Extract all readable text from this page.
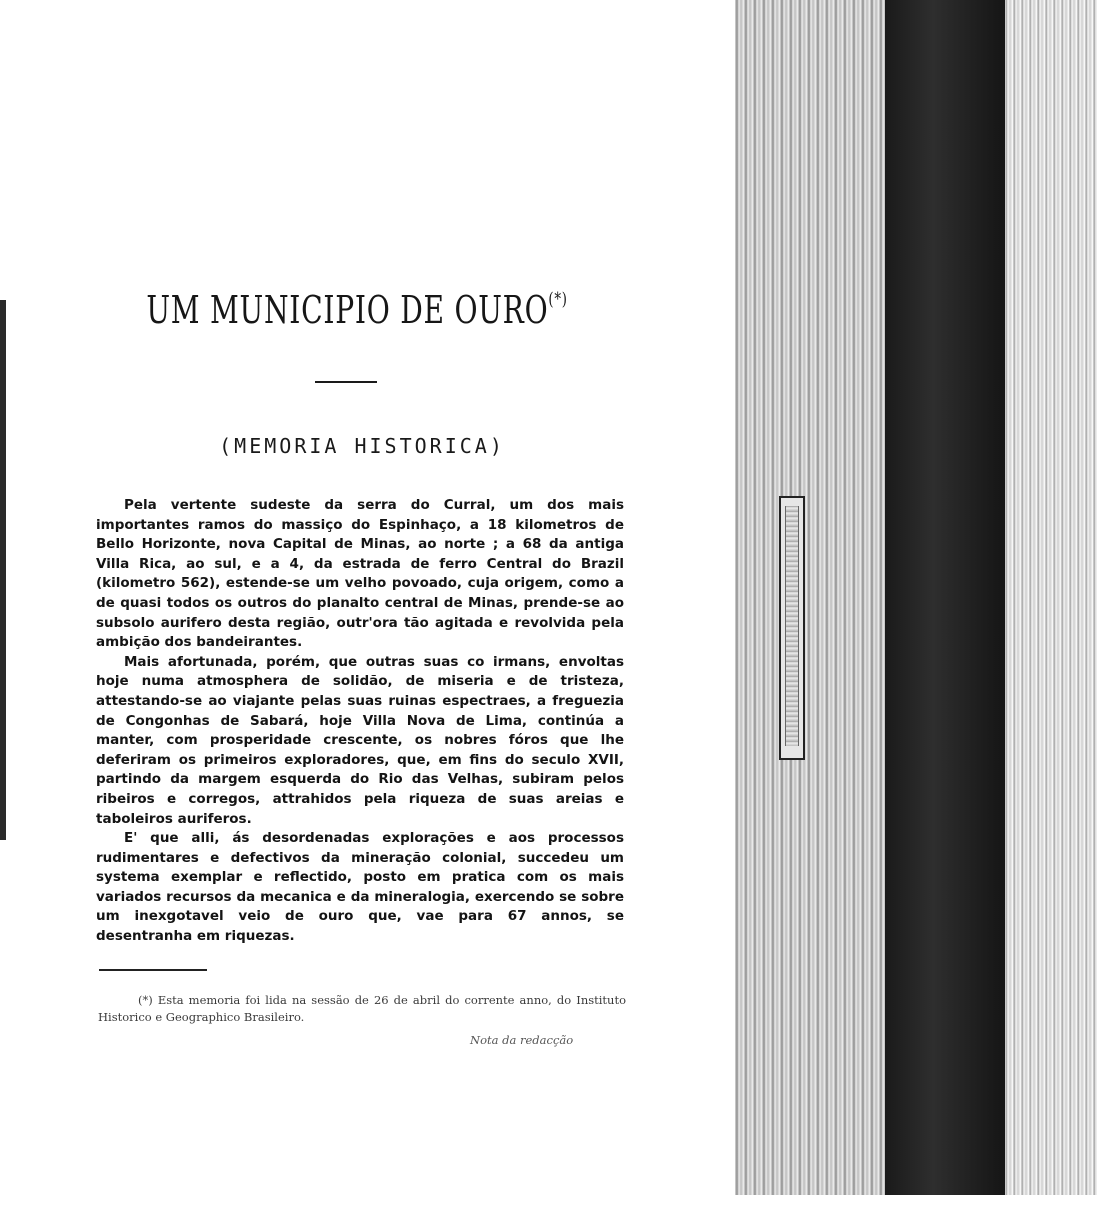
UM MUNICIPIO DE OURO(*)
(MEMORIA HISTORICA)

Pela vertente sudeste da serra do Curral, um dos mais importantes ramos do massiço do Espinhaço, a 18 kilometros de Bello Horizonte, nova Capital de Minas, ao norte ; a 68 da antiga Villa Rica, ao sul, e a 4, da estrada de ferro Central do Brazil (kilometro 562), estende-se um velho povoado, cuja origem, como a de quasi todos os outros do planalto central de Minas, prende-se ao subsolo aurifero desta região, outr'ora tão agitada e revolvida pela ambição dos bandeirantes.

Mais afortunada, porém, que outras suas co irmans, envoltas hoje numa atmosphera de solidão, de miseria e de tristeza, attestando-se ao viajante pelas suas ruinas espectraes, a freguezia de Congonhas de Sabará, hoje Villa Nova de Lima, continúa a manter, com prosperidade crescente, os nobres fóros que lhe deferiram os primeiros exploradores, que, em fins do seculo XVII, partindo da margem esquerda do Rio das Velhas, subiram pelos ribeiros e corregos, attrahidos pela riqueza de suas areias e taboleiros auriferos.

E' que alli, ás desordenadas explorações e aos processos rudimentares e defectivos da mineração colonial, succedeu um systema exemplar e reflectido, posto em pratica com os mais variados recursos da mecanica e da mineralogia, exercendo se sobre um inexgotavel veio de ouro que, vae para 67 annos, se desentranha em riquezas.

(*) Esta memoria foi lida na sessão de 26 de abril do corrente anno, do Instituto Historico e Geographico Brasileiro.

Nota da redacção
